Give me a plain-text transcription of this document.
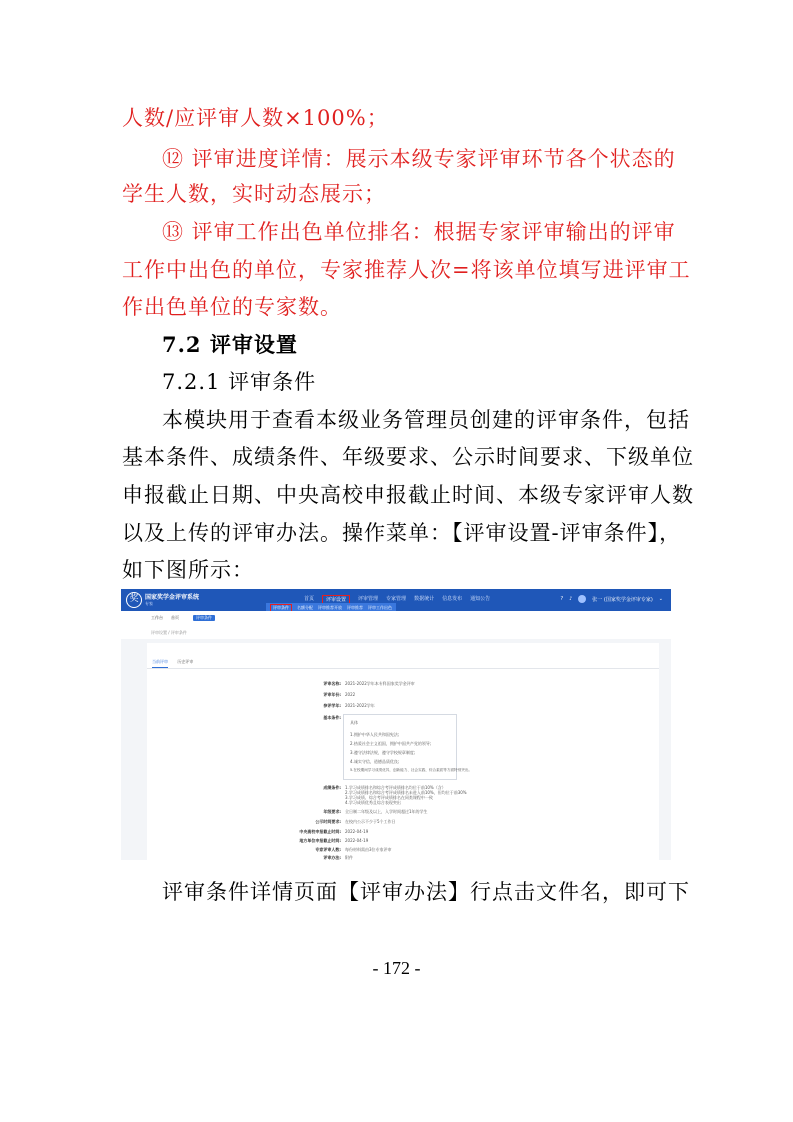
人数/应评审人数×100%；
⑫ 评审进度详情：展示本级专家评审环节各个状态的
学生人数，实时动态展示；
⑬ 评审工作出色单位排名：根据专家评审输出的评审
工作中出色的单位，专家推荐人次=将该单位填写进评审工
作出色单位的专家数。
7.2 评审设置
7.2.1 评审条件
本模块用于查看本级业务管理员创建的评审条件，包括
基本条件、成绩条件、年级要求、公示时间要求、下级单位
申报截止日期、中央高校申报截止时间、本级专家评审人数
以及上传的评审办法。操作菜单：【评审设置-评审条件】，
如下图所示：
奖	国家奖学金评审系统
专家
首页	评审设置	评审管理 专家管理 数据统计 信息发布 通知公告	? ♪	张一 (国家奖学金评审专家) ⌄
评审条件	名额分配 评审推荐开放 评审推荐 评审工作出色
工作台 首页	评审条件
评审设置 / 评审条件
当前评审 历史评审
评审名称: 2021-2022学年本专科国家奖学金评审
评审年份: 2022
参评学年: 2021-2022学年
基本条件:
具体
1.拥护中华人民共和国宪法;
2.热爱社会主义祖国，拥护中国共产党的领导;
3.遵守法律法规，遵守学校规章制度;
4.诚实守信，道德品质优良;
5.在校期间学习成绩优异，创新能力、社会实践、综合素质等方面特别突出。
成绩条件: 1.学习成绩排名和综合考评成绩排名均位于前10%（含）
2.学习成绩排名和综合考评成绩排名未进入前10%，但均位于前30%
3.学习成绩、综合考评成绩排名在同类课程中一致
4.学习成绩优秀且综合表现突出
年级要求: 全日制二年级及以上，入学时间超过1年的学生
公示时间要求: 在校内公示不少于5个工作日
中央高校申报截止时间: 2022-04-19
地方单位申报截止时间: 2022-04-19
专家评审人数: 每份材料需由3位专家评审
评审办法: 附件
评审条件详情页面【评审办法】行点击文件名，即可下
- 172 -
